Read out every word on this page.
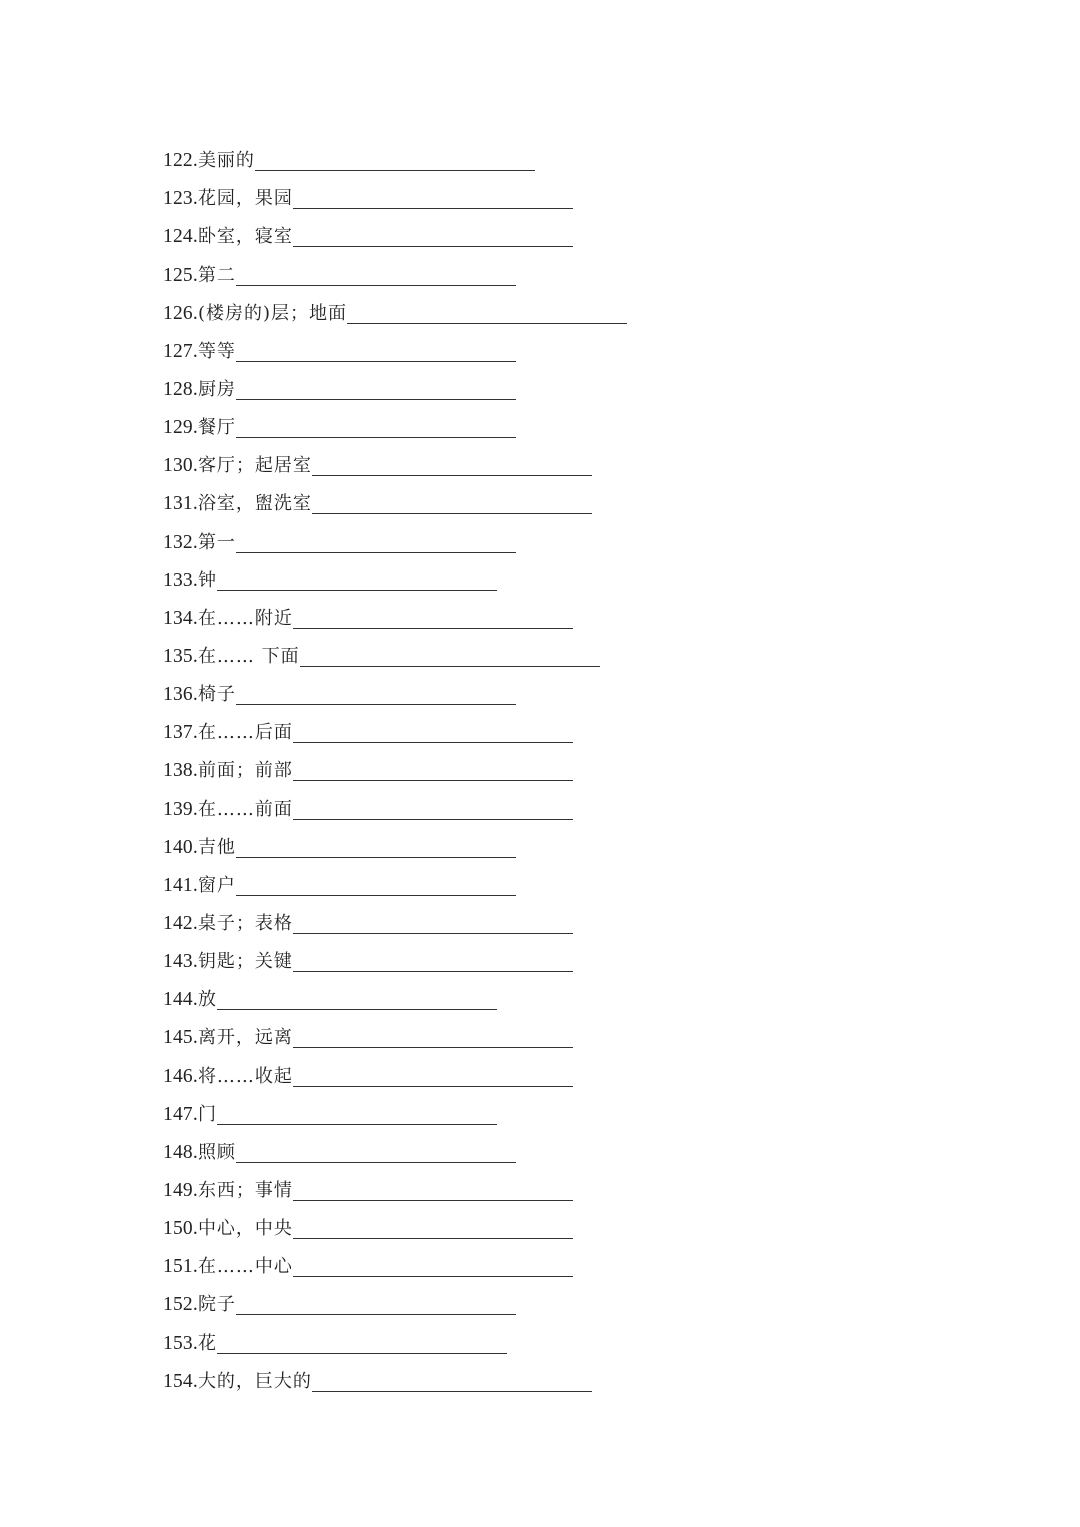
122. 美丽的
123. 花园，果园
124. 卧室，寝室
125. 第二
126. (楼房的)层；地面
127. 等等
128. 厨房
129. 餐厅
130. 客厅；起居室
131. 浴室，盥洗室
132. 第一
133. 钟
134. 在……附近
135. 在…… 下面
136. 椅子
137. 在……后面
138. 前面；前部
139. 在……前面
140. 吉他
141. 窗户
142. 桌子；表格
143. 钥匙；关键
144. 放
145. 离开，远离
146. 将……收起
147. 门
148. 照顾
149. 东西；事情
150. 中心，中央
151. 在……中心
152. 院子
153. 花
154. 大的，巨大的
